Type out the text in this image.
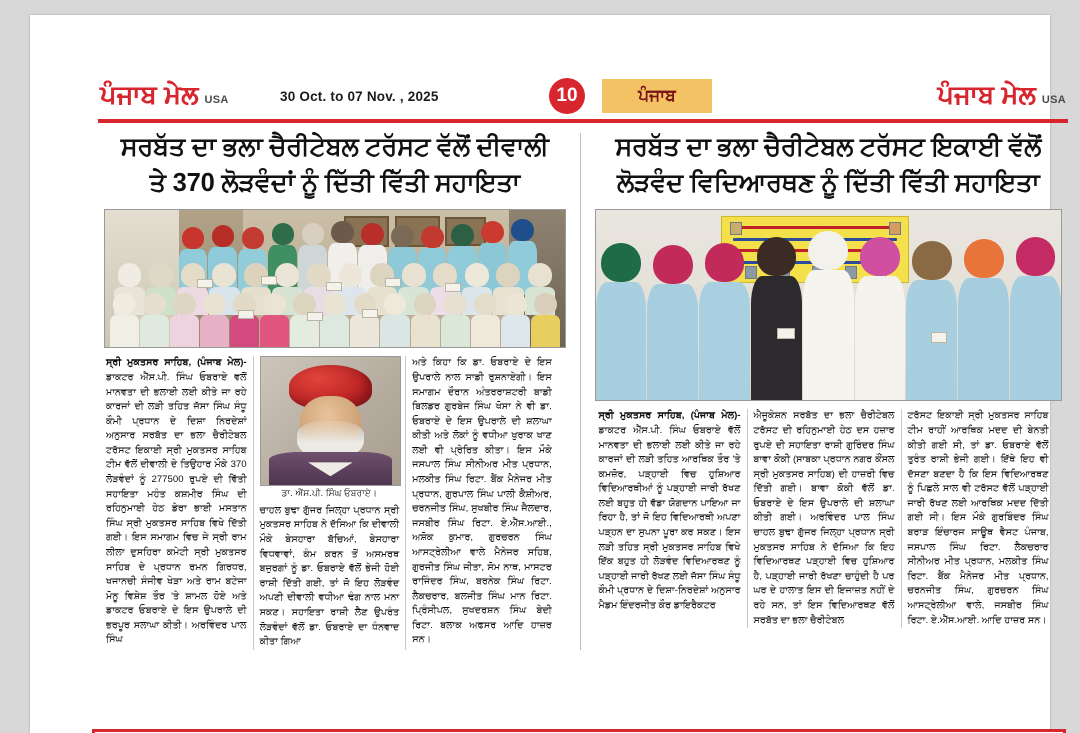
ਪੰਜਾਬ ਮੇਲ USA	30 Oct. to 07 Nov. , 2025	10	ਪੰਜਾਬ	ਪੰਜਾਬ ਮੇਲ USA
ਸਰਬੱਤ ਦਾ ਭਲਾ ਚੈਰੀਟੇਬਲ ਟਰੱਸਟ ਵੱਲੋਂ ਦੀਵਾਲੀ
ਤੇ 370 ਲੋੜਵੰਦਾਂ ਨੂੰ ਦਿੱਤੀ ਵਿੱਤੀ ਸਹਾਇਤਾ

ਸ੍ਰੀ ਮੁਕਤਸਰ ਸਾਹਿਬ, (ਪੰਜਾਬ ਮੇਲ)- ਡਾਕਟਰ ਐੱਸ.ਪੀ. ਸਿੰਘ ਓਬਰਾਏ ਵਲੋਂ ਮਾਨਵਤਾ ਦੀ ਭਲਾਈ ਲਈ ਕੀਤੇ ਜਾ ਰਹੇ ਕਾਰਜਾਂ ਦੀ ਲੜੀ ਤਹਿਤ ਜੱਸਾ ਸਿੰਘ ਸੰਧੂ ਕੌਮੀ ਪ੍ਰਧਾਨ ਦੇ ਦਿਸ਼ਾ ਨਿਰਦੇਸ਼ਾਂ ਅਨੁਸਾਰ ਸਰਬੱਤ ਦਾ ਭਲਾ ਚੈਰੀਟੇਬਲ ਟਰੱਸਟ ਇਕਾਈ ਸ੍ਰੀ ਮੁਕਤਸਰ ਸਾਹਿਬ ਟੀਮ ਵੱਲੋਂ ਦੀਵਾਲੀ ਦੇ ਤਿਉਹਾਰ ਮੌਕੇ 370 ਲੋੜਵੰਦਾਂ ਨੂੰ 277500 ਰੁਪਏ ਦੀ ਵਿੱਤੀ ਸਹਾਇਤਾ ਮਹੰਤ ਕਸ਼ਮੀਰ ਸਿੰਘ ਦੀ ਰਹਿਨੁਮਾਈ ਹੇਠ ਡੇਰਾ ਭਾਈ ਮਸਤਾਨ ਸਿੰਘ ਸ੍ਰੀ ਮੁਕਤਸਰ ਸਾਹਿਬ ਵਿਖੇ ਦਿੱਤੀ ਗਈ। ਇਸ ਸਮਾਗਮ ਵਿਚ ਜੇ ਸ੍ਰੀ ਰਾਮ ਲੀਲਾ ਦੁਸਹਿਰਾ ਕਮੇਟੀ ਸ੍ਰੀ ਮੁਕਤਸਰ ਸਾਹਿਬ ਦੇ ਪ੍ਰਧਾਨ ਰਮਨ ਗਿਰਧਰ, ਖਜਾਨਚੀ ਸੰਜੀਵ ਖੇੜਾ ਅਤੇ ਰਾਮ ਬਟੇਜਾ ਮੋਨੂ ਵਿਸ਼ੇਸ਼ ਤੌਰ 'ਤੇ ਸ਼ਾਮਲ ਹੋਏ ਅਤੇ ਡਾਕਟਰ ਓਬਰਾਏ ਦੇ ਇਸ ਉਪਰਾਲੇ ਦੀ ਭਰਪੂਰ ਸਲਾਘਾ ਕੀਤੀ। ਅਰਵਿੰਦਰ ਪਾਲ ਸਿੰਘ

ਡਾ. ਐੱਸ.ਪੀ. ਸਿੰਘ ਓਬਰਾਏ।

ਚਾਹਲ ਬੁਢਾ ਗੁੱਜਰ ਜਿਲ੍ਹਾ ਪ੍ਰਧਾਨ ਸ੍ਰੀ ਮੁਕਤਸਰ ਸਾਹਿਬ ਨੇ ਦੱਸਿਆ ਕਿ ਦੀਵਾਲੀ ਮੌਕੇ ਬੇਸਹਾਰਾ ਬੱਚਿਆਂ, ਬੇਸਹਾਰਾ ਵਿਧਵਾਵਾਂ, ਕੰਮ ਕਰਨ ਤੋਂ ਅਸਮਰਥ ਬਜੁਰਗਾਂ ਨੂੰ ਡਾ. ਓਬਰਾਏ ਵੱਲੋਂ ਭੇਜੀ ਹੋਈ ਰਾਸ਼ੀ ਦਿੱਤੀ ਗਈ, ਤਾਂ ਜੋ ਇਹ ਲੋੜਵੰਦ ਅਪਣੀ ਦੀਵਾਲੀ ਵਧੀਆ ਢੰਗ ਨਾਲ ਮਨਾ ਸਕਣ। ਸਹਾਇਤਾ ਰਾਸ਼ੀ ਲੈਣ ਉਪਰੰਤ ਲੋੜਵੰਦਾਂ ਵੱਲੋਂ ਡਾ. ਓਬਰਾਏ ਦਾ ਧੰਨਵਾਦ ਕੀਤਾ ਗਿਆ

ਅਤੇ ਕਿਹਾ ਕਿ ਡਾ. ਓਬਰਾਏ ਦੇ ਇਸ ਉਪਰਾਲੇ ਨਾਲ ਸਾਡੀ ਰੁਸ਼ਨਾਏਗੀ। ਇਸ ਸਮਾਗਮ ਦੌਰਾਨ ਅੰਤਰਰਾਸ਼ਟਰੀ ਬਾਡੀ ਬਿਲਡਰ ਗੁਰਬੇਜ ਸਿੰਘ ਖੋਸਾ ਨੇ ਵੀ ਡਾ. ਓਬਰਾਏ ਦੇ ਇਸ ਉਪਰਾਲੇ ਦੀ ਸ਼ਲਾਘਾ ਕੀਤੀ ਅਤੇ ਲੋਕਾਂ ਨੂੰ ਵਧੀਆ ਖੁਰਾਕ ਖਾਣ ਲਈ ਵੀ ਪ੍ਰੇਰਿਤ ਕੀਤਾ। ਇਸ ਮੌਕੇ ਜਸਪਾਲ ਸਿੰਘ ਸੀਨੀਅਰ ਮੀਤ ਪ੍ਰਧਾਨ, ਮਲਕੀਤ ਸਿੰਘ ਰਿਟਾ. ਬੈਂਕ ਮੈਨੇਜਰ ਮੀਤ ਪ੍ਰਧਾਨ, ਗੁਰਪਾਲ ਸਿੰਘ ਪਾਲੀ ਕੈਸ਼ੀਅਰ, ਚਰਨਜੀਤ ਸਿੰਘ, ਸੁਖਬੀਰ ਸਿੰਘ ਜੈਲਦਾਰ, ਜਸਬੀਰ ਸਿੰਘ ਰਿਟਾ. ਏ.ਐੱਸ.ਆਈ., ਅਸ਼ੋਕ ਕੁਮਾਰ, ਗੁਰਚਰਨ ਸਿੰਘ ਆਸਟ੍ਰੇਲੀਆ ਵਾਲੇ ਮੈਨੇਜਰ ਸਹਿਬ, ਗੁਰਜੀਤ ਸਿੰਘ ਜੀਤਾ, ਸੋਮ ਨਾਥ, ਮਾਸਟਰ ਰਾਜਿੰਦਰ ਸਿੰਘ, ਬਰਨੇਕ ਸਿੰਘ ਰਿਟਾ. ਲੈਕਚਰਾਰ, ਬਲਜੀਤ ਸਿੰਘ ਮਾਨ ਰਿਟਾ. ਪ੍ਰਿੰਸੀਪਲ, ਸੁਖਦਰਸ਼ਨ ਸਿੰਘ ਬੇਦੀ ਰਿਟਾ. ਬਲਾਕ ਅਫਸਰ ਆਦਿ ਹਾਜ਼ਰ ਸਨ।

ਸਰਬੱਤ ਦਾ ਭਲਾ ਚੈਰੀਟੇਬਲ ਟਰੱਸਟ ਇਕਾਈ ਵੱਲੋਂ
ਲੋੜਵੰਦ ਵਿਦਿਆਰਥਣ ਨੂੰ ਦਿੱਤੀ ਵਿੱਤੀ ਸਹਾਇਤਾ

ਸ੍ਰੀ ਮੁਕਤਸਰ ਸਾਹਿਬ, (ਪੰਜਾਬ ਮੇਲ)- ਡਾਕਟਰ ਐੱਸ.ਪੀ. ਸਿੰਘ ਓਬਰਾਏ ਵੱਲੋਂ ਮਾਨਵਤਾ ਦੀ ਭਲਾਈ ਲਈ ਕੀਤੇ ਜਾ ਰਹੇ ਕਾਰਜਾਂ ਦੀ ਲੜੀ ਤਹਿਤ ਆਰਥਿਕ ਤੌਰ 'ਤੇ ਕਮਜ਼ੋਰ, ਪੜ੍ਹਾਈ ਵਿਚ ਹੁਸ਼ਿਆਰ ਵਿਦਿਆਰਥੀਆਂ ਨੂੰ ਪੜ੍ਹਾਈ ਜਾਰੀ ਰੱਖਣ ਲਈ ਬਹੁਤ ਹੀ ਵੱਡਾ ਯੋਗਦਾਨ ਪਾਇਆ ਜਾ ਰਿਹਾ ਹੈ, ਤਾਂ ਜੋ ਇਹ ਵਿਦਿਆਰਥੀ ਅਪਣਾ ਪੜ੍ਹਨ ਦਾ ਸੁਪਨਾ ਪੂਰਾ ਕਰ ਸਕਣ। ਇਸ ਲੜੀ ਤਹਿਤ ਸ੍ਰੀ ਮੁਕਤਸਰ ਸਾਹਿਬ ਵਿਖੇ ਇੱਕ ਬਹੁਤ ਹੀ ਲੋੜਵੰਦ ਵਿਦਿਆਰਥਣ ਨੂੰ ਪੜ੍ਹਾਈ ਜਾਰੀ ਰੱਖਣ ਲਈ ਜੱਸਾ ਸਿੰਘ ਸੰਧੂ ਕੌਮੀ ਪ੍ਰਧਾਨ ਦੇ ਦਿਸ਼ਾ-ਨਿਰਦੇਸ਼ਾਂ ਅਨੁਸਾਰ ਮੈਡਮ ਇੰਦਰਜੀਤ ਕੌਰ ਡਾਇਰੈਕਟਰ

ਐਜੂਕੇਸ਼ਨ ਸਰਬੱਤ ਦਾ ਭਲਾ ਚੈਰੀਟੇਬਲ ਟਰੱਸਟ ਦੀ ਰਹਿਨੁਮਾਈ ਹੇਠ ਦਸ ਹਜ਼ਾਰ ਰੁਪਏ ਦੀ ਸਹਾਇਤਾ ਰਾਸ਼ੀ ਗੁਰਿੰਦਰ ਸਿੰਘ ਬਾਵਾ ਕੋਕੀ (ਸਾਬਕਾ ਪ੍ਰਧਾਨ ਨਗਰ ਕੌਂਸਲ ਸ੍ਰੀ ਮੁਕਤਸਰ ਸਾਹਿਬ) ਦੀ ਹਾਜ਼ਰੀ ਵਿਚ ਦਿੱਤੀ ਗਈ। ਬਾਵਾ ਕੋਕੀ ਵੱਲੋਂ ਡਾ. ਓਬਰਾਏ ਦੇ ਇਸ ਉਪਰਾਲੇ ਦੀ ਸ਼ਲਾਘਾ ਕੀਤੀ ਗਈ। ਅਰਵਿੰਦਰ ਪਾਲ ਸਿੰਘ ਚਾਹਲ ਬੁਢਾ ਗੁੱਜਰ ਜਿਲ੍ਹਾ ਪ੍ਰਧਾਨ ਸ੍ਰੀ ਮੁਕਤਸਰ ਸਾਹਿਬ ਨੇ ਦੱਸਿਆ ਕਿ ਇਹ ਵਿਦਿਆਰਥਣ ਪੜ੍ਹਾਈ ਵਿਚ ਹੁਸ਼ਿਆਰ ਹੈ, ਪੜ੍ਹਾਈ ਜਾਰੀ ਰੱਖਣਾ ਚਾਹੁੰਦੀ ਹੈ ਪਰ ਘਰ ਦੇ ਹਾਲਾਤ ਇਸ ਦੀ ਇਜਾਜ਼ਤ ਨਹੀਂ ਦੇ ਰਹੇ ਸਨ, ਤਾਂ ਇਸ ਵਿਦਿਆਰਥਣ ਵੱਲੋਂ ਸਰਬੱਤ ਦਾ ਭਲਾ ਚੈਰੀਟੇਬਲ

ਟਰੱਸਟ ਇਕਾਈ ਸ੍ਰੀ ਮੁਕਤਸਰ ਸਾਹਿਬ ਟੀਮ ਰਾਹੀਂ ਆਰਥਿਕ ਮਦਦ ਦੀ ਬੇਨਤੀ ਕੀਤੀ ਗਈ ਸੀ, ਤਾਂ ਡਾ. ਓਬਰਾਏ ਵੱਲੋਂ ਤੁਰੰਤ ਰਾਸ਼ੀ ਭੇਜੀ ਗਈ। ਇੱਥੇ ਇਹ ਵੀ ਦੱਸਣਾ ਬਣਦਾ ਹੈ ਕਿ ਇਸ ਵਿਦਿਆਰਥਣ ਨੂੰ ਪਿਛਲੇ ਸਾਲ ਵੀ ਟਰੱਸਟ ਵੱਲੋਂ ਪੜ੍ਹਾਈ ਜਾਰੀ ਰੱਖਣ ਲਈ ਆਰਥਿਕ ਮਦਦ ਦਿੱਤੀ ਗਈ ਸੀ। ਇਸ ਮੌਕੇ ਗੁਰਬਿੰਦਰ ਸਿੰਘ ਬਰਾੜ ਇੰਚਾਰਜ ਸਾਊਥ ਵੈਸਟ ਪੰਜਾਬ, ਜਸਪਾਲ ਸਿੰਘ ਰਿਟਾ. ਲੈਕਚਰਾਰ ਸੀਨੀਅਰ ਮੀਤ ਪ੍ਰਧਾਨ, ਮਲਕੀਤ ਸਿੰਘ ਰਿਟਾ. ਬੈਂਕ ਮੈਨੇਜਰ ਮੀਤ ਪ੍ਰਧਾਨ, ਚਰਨਜੀਤ ਸਿੰਘ, ਗੁਰਚਰਨ ਸਿੰਘ ਆਸਟ੍ਰੇਲੀਆ ਵਾਲੇ, ਜਸਬੀਰ ਸਿੰਘ ਰਿਟਾ. ਏ.ਐੱਸ.ਆਈ. ਆਦਿ ਹਾਜ਼ਰ ਸਨ।
